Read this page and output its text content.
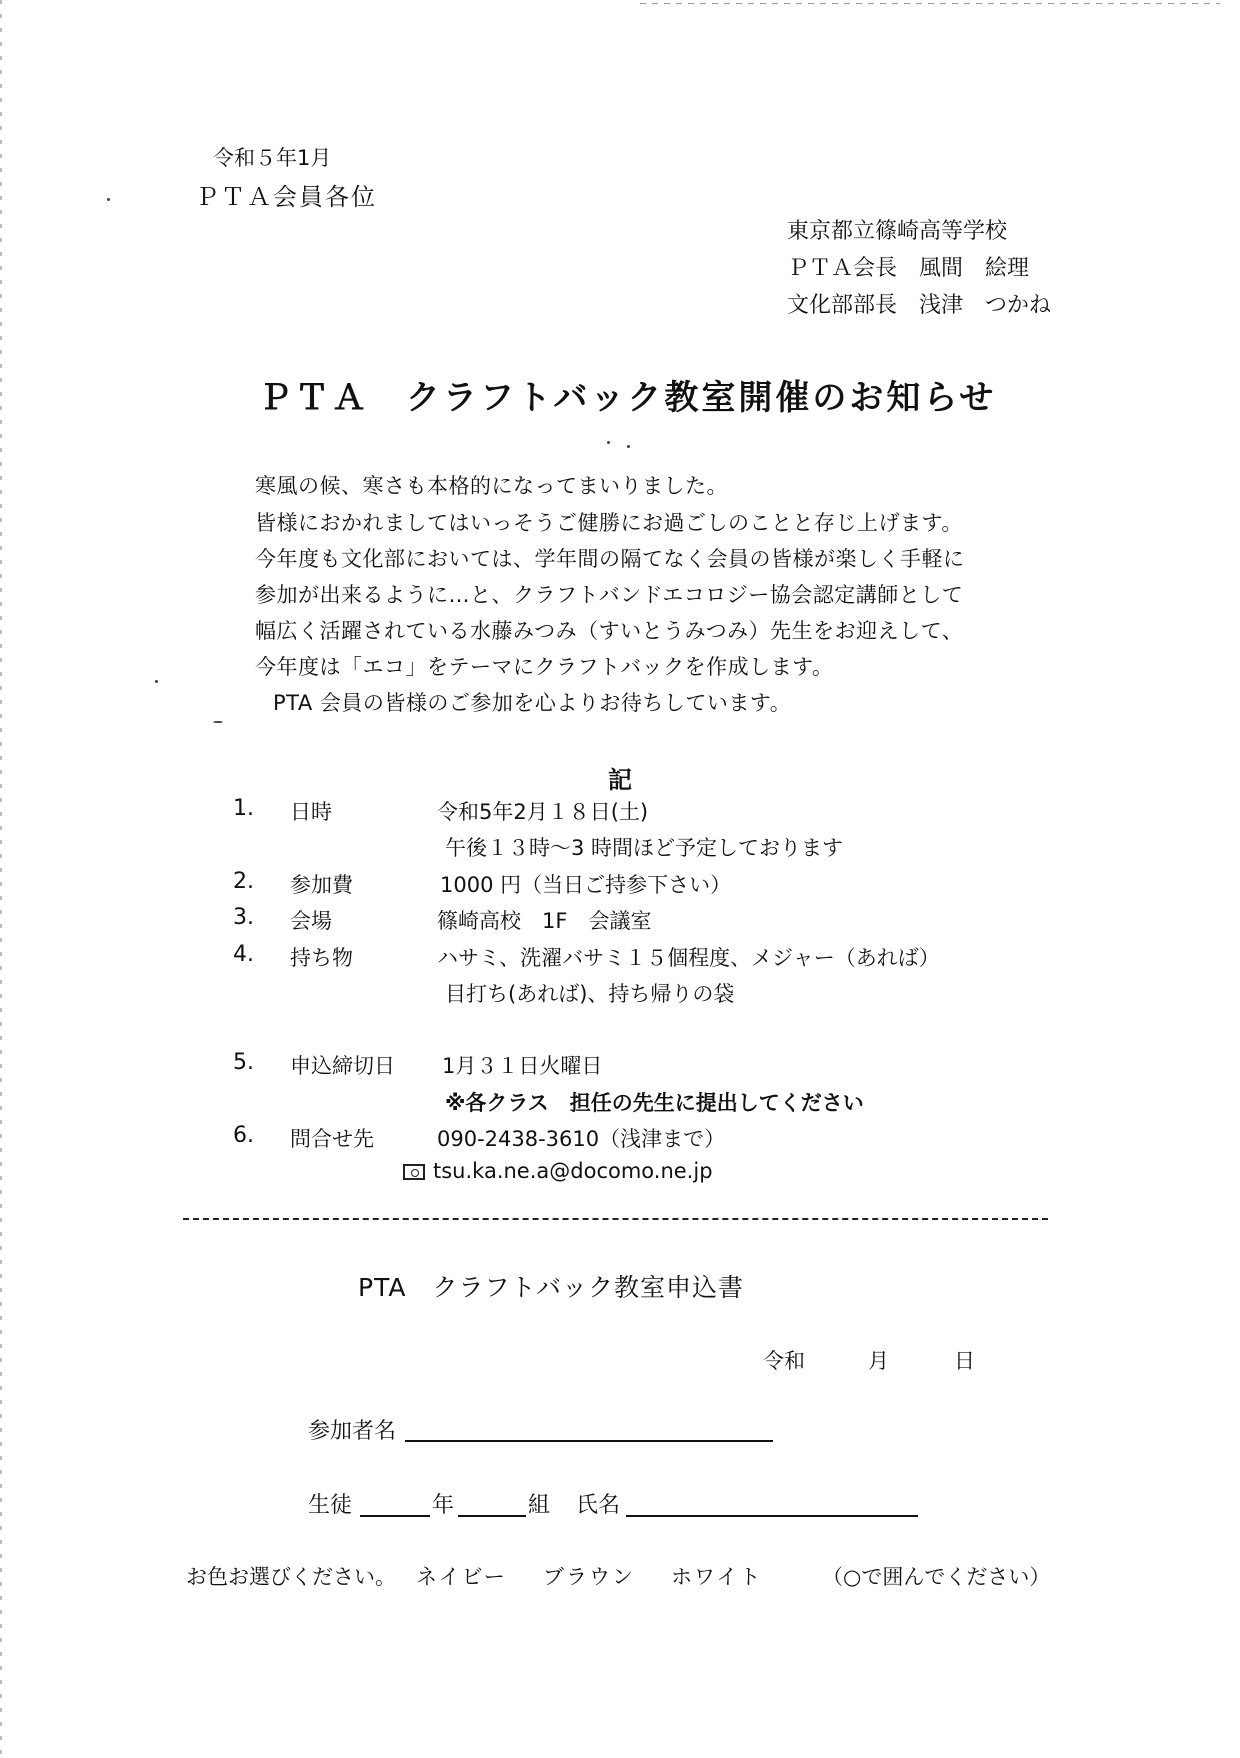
令和５年1月
ＰＴＡ会員各位
東京都立篠崎高等学校
ＰＴＡ会長　風間　絵理
文化部部長　浅津　つかね
ＰＴＡ　クラフトバック教室開催のお知らせ
寒風の候、寒さも本格的になってまいりました。
皆様におかれましてはいっそうご健勝にお過ごしのことと存じ上げます。
今年度も文化部においては、学年間の隔てなく会員の皆様が楽しく手軽に
参加が出来るように…と、クラフトバンドエコロジー協会認定講師として
幅広く活躍されている水藤みつみ（すいとうみつみ）先生をお迎えして、
今年度は「エコ」をテーマにクラフトバックを作成します。
PTA 会員の皆様のご参加を心よりお待ちしています。
記
1. 日時	令和5年2月１８日(土)
午後１３時～3 時間ほど予定しております
2. 参加費	1000 円（当日ご持参下さい）
3. 会場	篠崎高校　1F　会議室
4. 持ち物	ハサミ、洗濯バサミ１５個程度、メジャー（あれば）
目打ち(あれば)、持ち帰りの袋
5. 申込締切日 1月３１日火曜日
※各クラス　担任の先生に提出してください
6. 問合せ先	090-2438-3610（浅津まで）
tsu.ka.ne.a@docomo.ne.jp
PTA　クラフトバック教室申込書
令和	月	日
参加者名
生徒	年	組 氏名
お色お選びください。 ネイビー ブラウン ホワイト	（○で囲んでください）
